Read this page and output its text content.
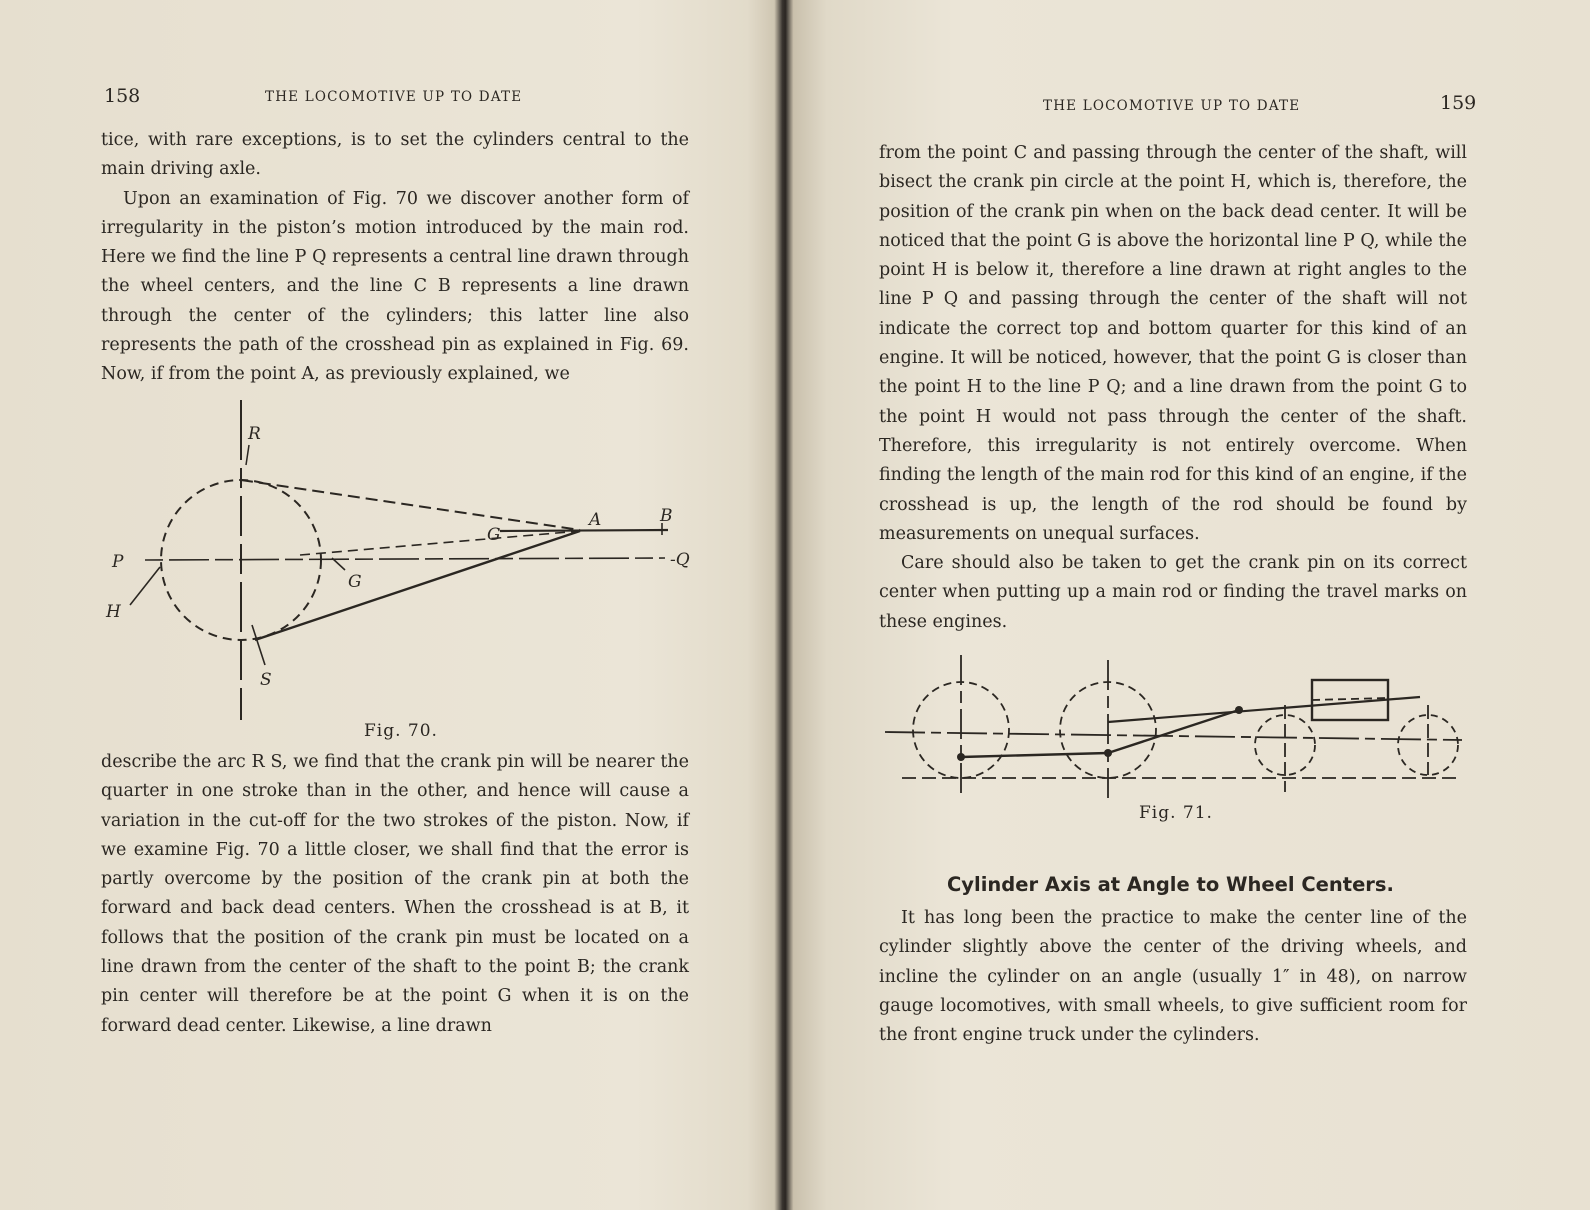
158	THE LOCOMOTIVE UP TO DATE

tice, with rare exceptions, is to set the cylinders central to the main driving axle.

Upon an examination of Fig. 70 we discover another form of irregularity in the piston’s motion introduced by the main rod. Here we find the line P Q represents a central line drawn through the wheel centers, and the line C B represents a line drawn through the center of the cylinders; this latter line also represents the path of the crosshead pin as explained in Fig. 69. Now, if from the point A, as previously explained, we

R
P
H
G
G
A	B
-Q
S
Fig. 70.

describe the arc R S, we find that the crank pin will be nearer the quarter in one stroke than in the other, and hence will cause a variation in the cut-off for the two strokes of the piston. Now, if we examine Fig. 70 a little closer, we shall find that the error is partly overcome by the position of the crank pin at both the forward and back dead centers. When the crosshead is at B, it follows that the position of the crank pin must be located on a line drawn from the center of the shaft to the point B; the crank pin center will therefore be at the point G when it is on the forward dead center. Likewise, a line drawn

THE LOCOMOTIVE UP TO DATE	159

from the point C and passing through the center of the shaft, will bisect the crank pin circle at the point H, which is, therefore, the position of the crank pin when on the back dead center. It will be noticed that the point G is above the horizontal line P Q, while the point H is below it, therefore a line drawn at right angles to the line P Q and passing through the center of the shaft will not indicate the correct top and bottom quarter for this kind of an engine. It will be noticed, however, that the point G is closer than the point H to the line P Q; and a line drawn from the point G to the point H would not pass through the center of the shaft. Therefore, this irregularity is not entirely overcome. When finding the length of the main rod for this kind of an engine, if the crosshead is up, the length of the rod should be found by measurements on unequal surfaces.

Care should also be taken to get the crank pin on its correct center when putting up a main rod or finding the travel marks on these engines.

Fig. 71.
Cylinder Axis at Angle to Wheel Centers.

It has long been the practice to make the center line of the cylinder slightly above the center of the driving wheels, and incline the cylinder on an angle (usually 1″ in 48), on narrow gauge locomotives, with small wheels, to give sufficient room for the front engine truck under the cylinders.
